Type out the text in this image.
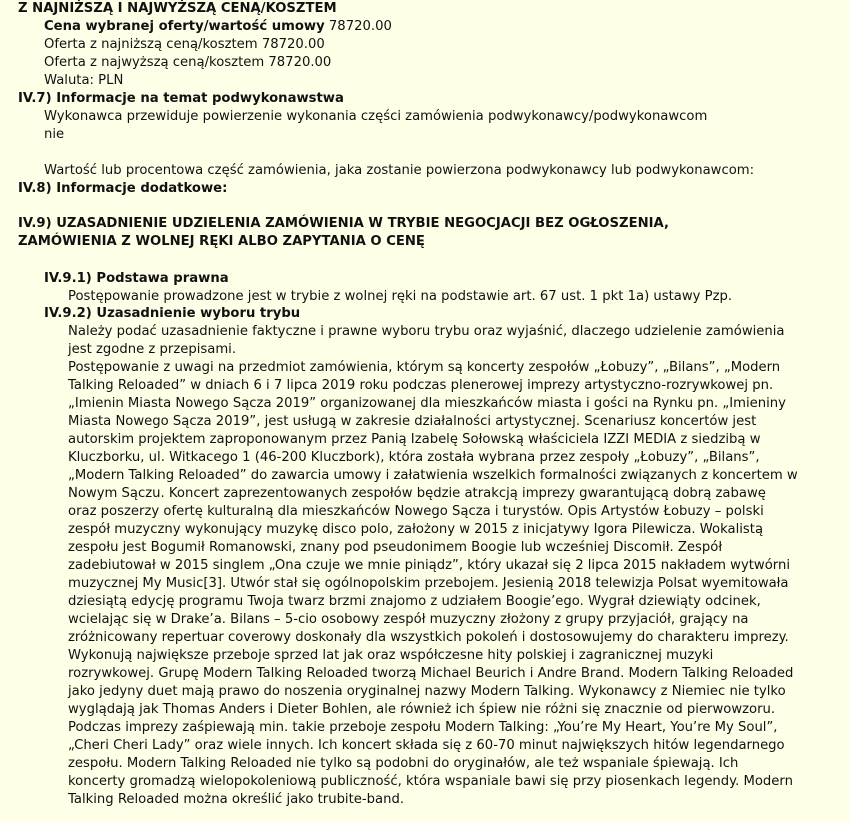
Z NAJNIŻSZĄ I NAJWYŻSZĄ CENĄ/KOSZTEM
Cena wybranej oferty/wartość umowy 78720.00
Oferta z najniższą ceną/kosztem 78720.00
Oferta z najwyższą ceną/kosztem 78720.00
Waluta: PLN
IV.7) Informacje na temat podwykonawstwa
Wykonawca przewiduje powierzenie wykonania części zamówienia podwykonawcy/podwykonawcom
nie
Wartość lub procentowa część zamówienia, jaka zostanie powierzona podwykonawcy lub podwykonawcom:
IV.8) Informacje dodatkowe:
IV.9) UZASADNIENIE UDZIELENIA ZAMÓWIENIA W TRYBIE NEGOCJACJI BEZ OGŁOSZENIA,
ZAMÓWIENIA Z WOLNEJ RĘKI ALBO ZAPYTANIA O CENĘ
IV.9.1) Podstawa prawna
Postępowanie prowadzone jest w trybie z wolnej ręki na podstawie art. 67 ust. 1 pkt 1a) ustawy Pzp.
IV.9.2) Uzasadnienie wyboru trybu
Należy podać uzasadnienie faktyczne i prawne wyboru trybu oraz wyjaśnić, dlaczego udzielenie zamówienia
jest zgodne z przepisami.
Postępowanie z uwagi na przedmiot zamówienia, którym są koncerty zespołów „Łobuzy”, „Bilans”, „Modern
Talking Reloaded” w dniach 6 i 7 lipca 2019 roku podczas plenerowej imprezy artystyczno-rozrywkowej pn.
„Imienin Miasta Nowego Sącza 2019” organizowanej dla mieszkańców miasta i gości na Rynku pn. „Imieniny
Miasta Nowego Sącza 2019”, jest usługą w zakresie działalności artystycznej. Scenariusz koncertów jest
autorskim projektem zaproponowanym przez Panią Izabelę Sołowską właściciela IZZI MEDIA z siedzibą w
Kluczborku, ul. Witkacego 1 (46-200 Kluczbork), która została wybrana przez zespoły „Łobuzy”, „Bilans”,
„Modern Talking Reloaded” do zawarcia umowy i załatwienia wszelkich formalności związanych z koncertem w
Nowym Sączu. Koncert zaprezentowanych zespołów będzie atrakcją imprezy gwarantującą dobrą zabawę
oraz poszerzy ofertę kulturalną dla mieszkańców Nowego Sącza i turystów. Opis Artystów Łobuzy – polski
zespół muzyczny wykonujący muzykę disco polo, założony w 2015 z inicjatywy Igora Pilewicza. Wokalistą
zespołu jest Bogumił Romanowski, znany pod pseudonimem Boogie lub wcześniej Discomił. Zespół
zadebiutował w 2015 singlem „Ona czuje we mnie piniądz”, który ukazał się 2 lipca 2015 nakładem wytwórni
muzycznej My Music[3]. Utwór stał się ogólnopolskim przebojem. Jesienią 2018 telewizja Polsat wyemitowała
dziesiątą edycję programu Twoja twarz brzmi znajomo z udziałem Boogie’ego. Wygrał dziewiąty odcinek,
wcielając się w Drake’a. Bilans – 5-cio osobowy zespół muzyczny złożony z grupy przyjaciół, grający na
zróżnicowany repertuar coverowy doskonały dla wszystkich pokoleń i dostosowujemy do charakteru imprezy.
Wykonują największe przeboje sprzed lat jak oraz współczesne hity polskiej i zagranicznej muzyki
rozrywkowej. Grupę Modern Talking Reloaded tworzą Michael Beurich i Andre Brand. Modern Talking Reloaded
jako jedyny duet mają prawo do noszenia oryginalnej nazwy Modern Talking. Wykonawcy z Niemiec nie tylko
wyglądają jak Thomas Anders i Dieter Bohlen, ale również ich śpiew nie różni się znacznie od pierwowzoru.
Podczas imprezy zaśpiewają min. takie przeboje zespołu Modern Talking: „You’re My Heart, You’re My Soul”,
„Cheri Cheri Lady” oraz wiele innych. Ich koncert składa się z 60-70 minut największych hitów legendarnego
zespołu. Modern Talking Reloaded nie tylko są podobni do oryginałów, ale też wspaniale śpiewają. Ich
koncerty gromadzą wielopokoleniową publiczność, która wspaniale bawi się przy piosenkach legendy. Modern
Talking Reloaded można określić jako trubite-band.
